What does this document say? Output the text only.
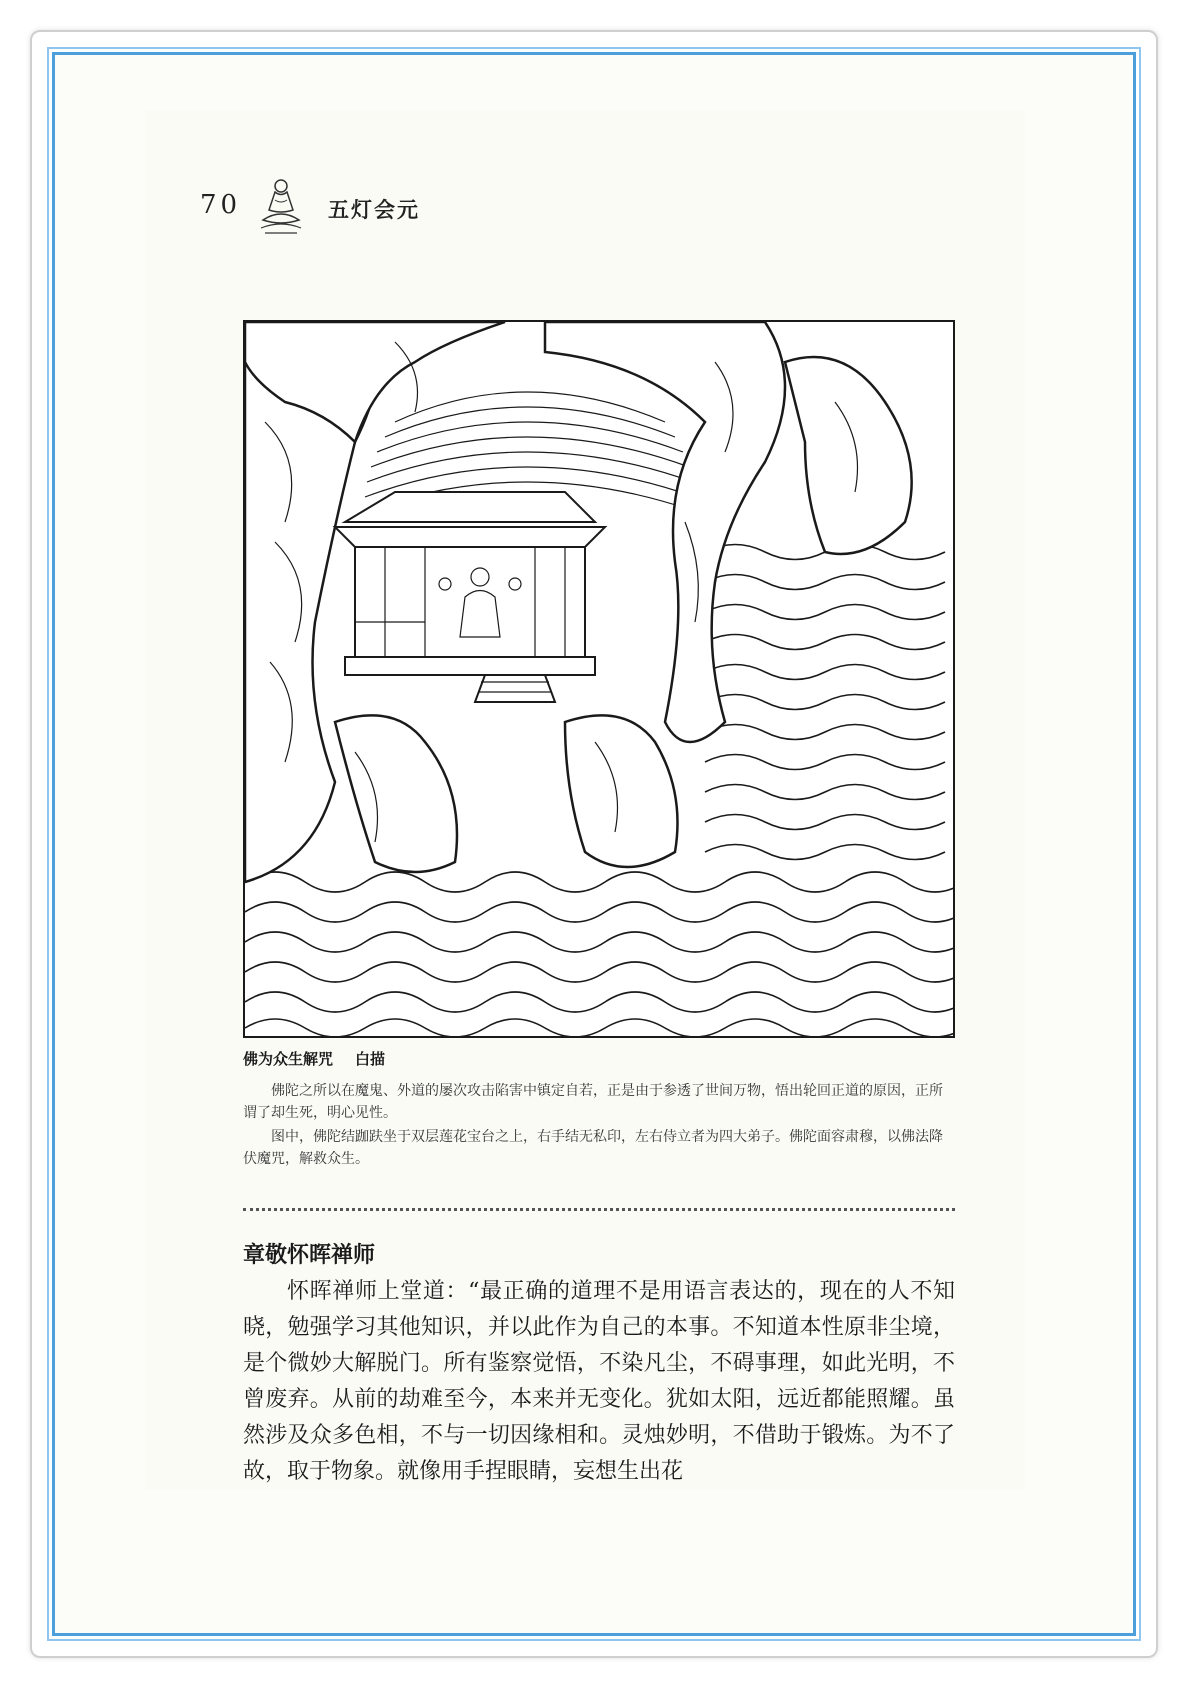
70	五灯会元
佛为众生解咒 白描

佛陀之所以在魔鬼、外道的屡次攻击陷害中镇定自若，正是由于参透了世间万物，悟出轮回正道的原因，正所谓了却生死，明心见性。

图中，佛陀结跏趺坐于双层莲花宝台之上，右手结无私印，左右侍立者为四大弟子。佛陀面容肃穆，以佛法降伏魔咒，解救众生。

章敬怀晖禅师

怀晖禅师上堂道：“最正确的道理不是用语言表达的，现在的人不知晓，勉强学习其他知识，并以此作为自己的本事。不知道本性原非尘境，是个微妙大解脱门。所有鉴察觉悟，不染凡尘，不碍事理，如此光明，不曾废弃。从前的劫难至今，本来并无变化。犹如太阳，远近都能照耀。虽然涉及众多色相，不与一切因缘相和。灵烛妙明，不借助于锻炼。为不了故，取于物象。就像用手捏眼睛，妄想生出花
